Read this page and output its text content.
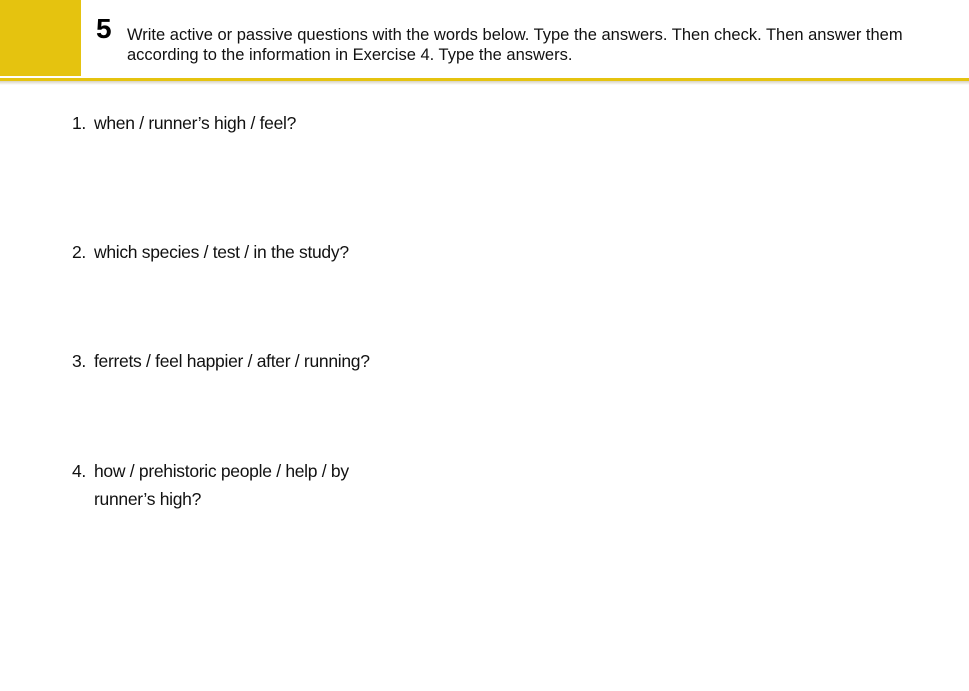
5 Write active or passive questions with the words below. Type the answers. Then check. Then answer them according to the information in Exercise 4. Type the answers.
1. when / runner’s high / feel?
2. which species / test / in the study?
3. ferrets / feel happier / after / running?
4. how / prehistoric people / help / by runner’s high?
